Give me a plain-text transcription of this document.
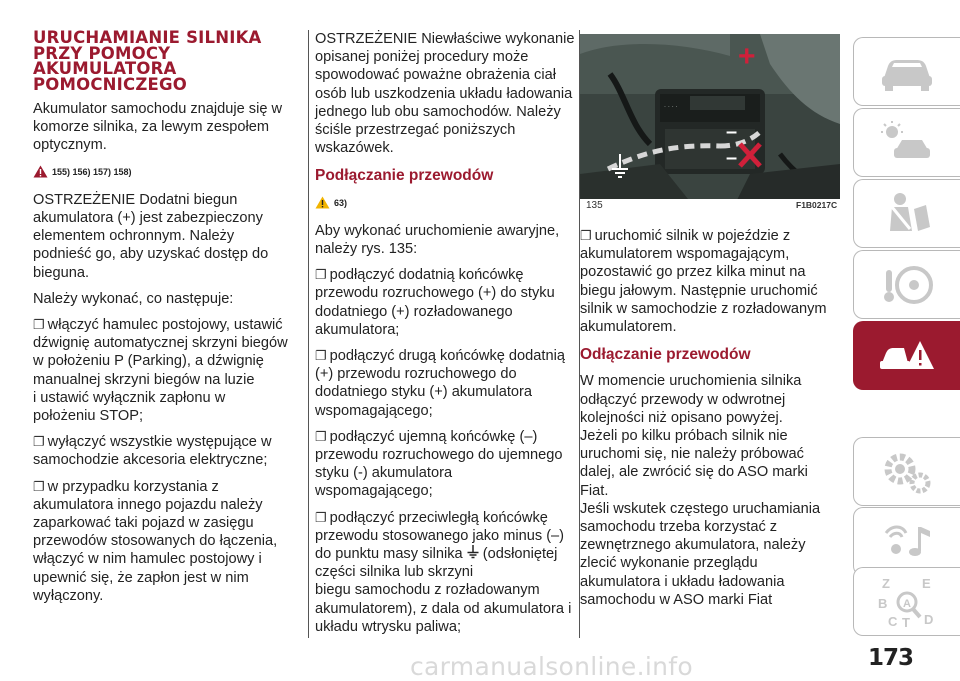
URUCHAMIANIE SILNIKA
PRZY POMOCY
AKUMULATORA
POMOCNICZEGO

Akumulator samochodu znajduje się w
komorze silnika, za lewym zespołem
optycznym.

155) 156) 157) 158)

OSTRZEŻENIE Dodatni biegun
akumulatora (+) jest zabezpieczony
elementem ochronnym. Należy
podnieść go, aby uzyskać dostęp do
bieguna.

Należy wykonać, co następuje:

❐ włączyć hamulec postojowy, ustawić
dźwignię automatycznej skrzyni biegów
w położeniu P (Parking), a dźwignię
manualnej skrzyni biegów na luzie
i ustawić wyłącznik zapłonu w
położeniu STOP;

❐ wyłączyć wszystkie występujące w
samochodzie akcesoria elektryczne;

❐ w przypadku korzystania z
akumulatora innego pojazdu należy
zaparkować taki pojazd w zasięgu
przewodów stosowanych do łączenia,
włączyć w nim hamulec postojowy i
upewnić się, że zapłon jest w nim
wyłączony.

OSTRZEŻENIE Niewłaściwe wykonanie
opisanej poniżej procedury może
spowodować poważne obrażenia ciał
osób lub uszkodzenia układu ładowania
jednego lub obu samochodów. Należy
ściśle przestrzegać poniższych
wskazówek.

Podłączanie przewodów
63)

Aby wykonać uruchomienie awaryjne,
należy rys. 135:

❐ podłączyć dodatnią końcówkę
przewodu rozruchowego (+) do styku
dodatniego (+) rozładowanego
akumulatora;

❐ podłączyć drugą końcówkę dodatnią
(+) przewodu rozruchowego do
dodatniego styku (+) akumulatora
wspomagającego;

❐ podłączyć ujemną końcówkę (–)
przewodu rozruchowego do ujemnego
styku (-) akumulatora
wspomagającego;

❐ podłączyć przeciwległą końcówkę
przewodu stosowanego jako minus (–)
do punktu masy silnika (odsłoniętej
części silnika lub skrzyni
biegu samochodu z rozładowanym
akumulatorem), z dala od akumulatora i
układu wtrysku paliwa;

. . . .
+
–
–
135	F1B0217C

❐ uruchomić silnik w pojeździe z
akumulatorem wspomagającym,
pozostawić go przez kilka minut na
biegu jałowym. Następnie uruchomić
silnik w samochodzie z rozładowanym
akumulatorem.

Odłączanie przewodów

W momencie uruchomienia silnika
odłączyć przewody w odwrotnej
kolejności niż opisano powyżej.
Jeżeli po kilku próbach silnik nie
uruchomi się, nie należy próbować
dalej, ale zwrócić się do ASO marki
Fiat.

Jeśli wskutek częstego uruchamiania
samochodu trzeba korzystać z
zewnętrznego akumulatora, należy
zlecić wykonanie przeglądu
akumulatora i układu ładowania
samochodu w ASO marki Fiat

Z E
B
C T
A
D
173
carmanualsonline.info
